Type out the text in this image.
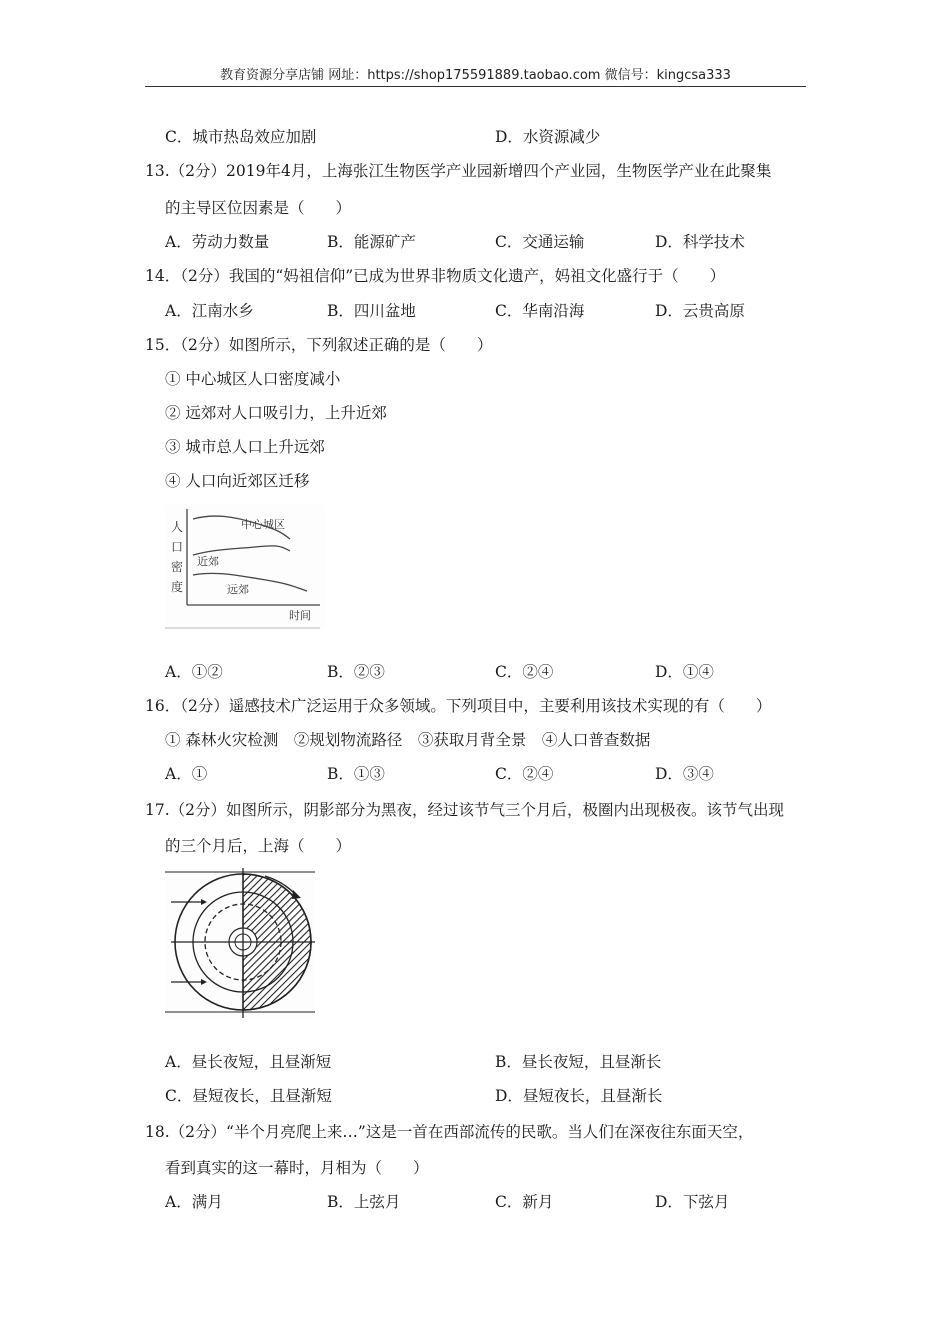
教育资源分享店铺 网址：https://shop175591889.taobao.com 微信号：kingcsa333
C．城市热岛效应加剧	D．水资源减少
13.（2分）2019年4月，上海张江生物医学产业园新增四个产业园，生物医学产业在此聚集
的主导区位因素是（　　）
A．劳动力数量	B．能源矿产	C．交通运输	D．科学技术
14．（2分）我国的“妈祖信仰”已成为世界非物质文化遗产，妈祖文化盛行于（　　）
A．江南水乡	B．四川盆地	C．华南沿海	D．云贵高原
15．（2分）如图所示，下列叙述正确的是（　　）
① 中心城区人口密度减小
② 远郊对人口吸引力，上升近郊
③ 城市总人口上升远郊
④ 人口向近郊区迁移
人
口
密
度
中心城区
近郊
远郊
时间
A．①②	B．②③	C．②④	D．①④
16．（2分）遥感技术广泛运用于众多领域。下列项目中，主要利用该技术实现的有（　　）
① 森林火灾检测　②规划物流路径　③获取月背全景　④人口普查数据
A．①	B．①③	C．②④	D．③④
17.（2分）如图所示，阴影部分为黑夜，经过该节气三个月后，极圈内出现极夜。该节气出现
的三个月后，上海（　　）
A．昼长夜短，且昼渐短	B．昼长夜短，且昼渐长
C．昼短夜长，且昼渐短	D．昼短夜长，且昼渐长
18.（2分）“半个月亮爬上来…”这是一首在西部流传的民歌。当人们在深夜往东面天空，
看到真实的这一幕时，月相为（　　）
A．满月	B．上弦月	C．新月	D．下弦月
